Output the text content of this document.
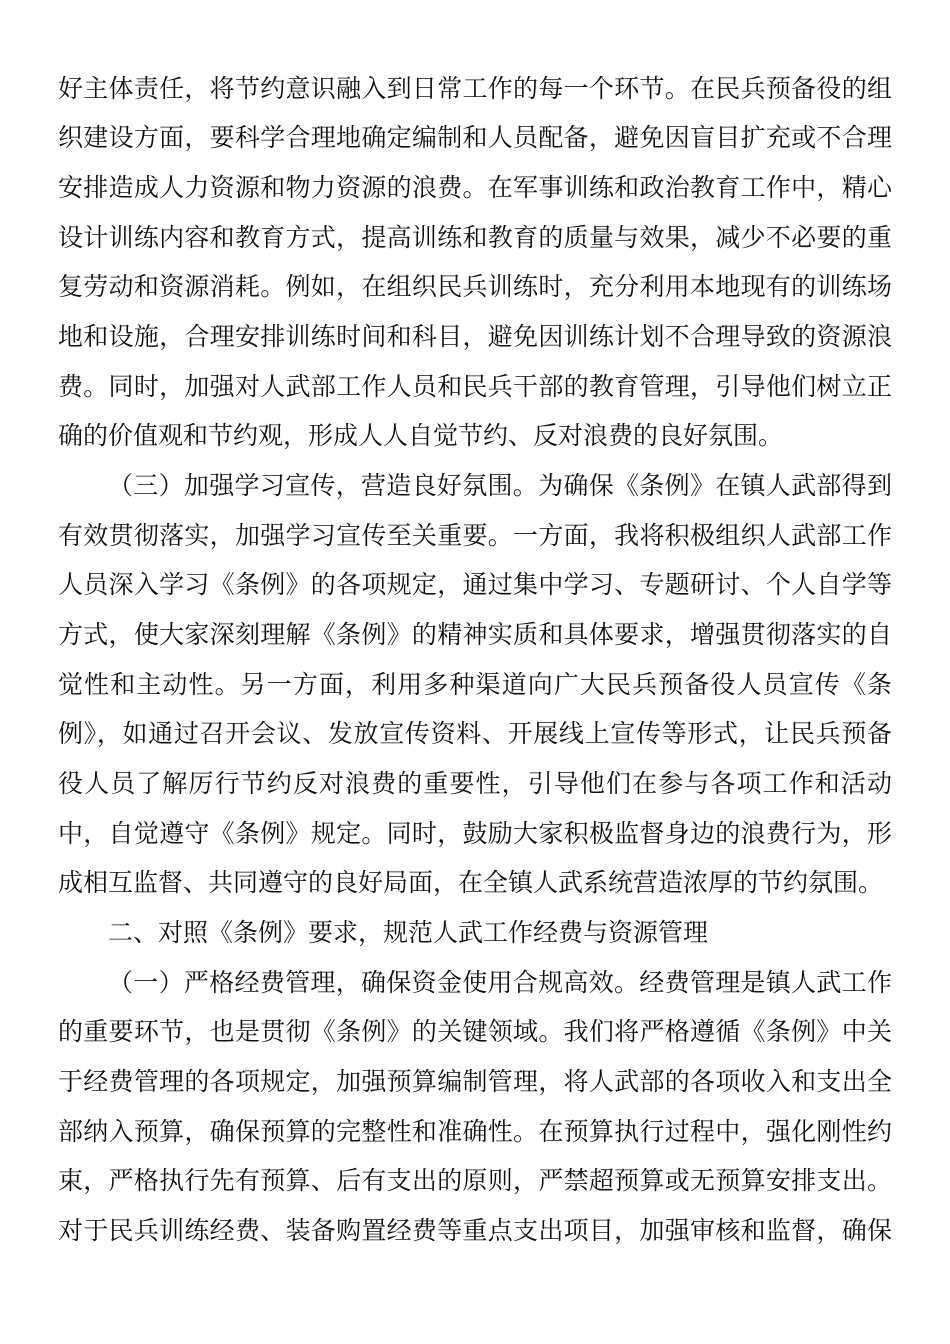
好主体责任，将节约意识融入到日常工作的每一个环节。在民兵预备役的组
织建设方面，要科学合理地确定编制和人员配备，避免因盲目扩充或不合理
安排造成人力资源和物力资源的浪费。在军事训练和政治教育工作中，精心
设计训练内容和教育方式，提高训练和教育的质量与效果，减少不必要的重
复劳动和资源消耗。例如，在组织民兵训练时，充分利用本地现有的训练场
地和设施，合理安排训练时间和科目，避免因训练计划不合理导致的资源浪
费。同时，加强对人武部工作人员和民兵干部的教育管理，引导他们树立正
确的价值观和节约观，形成人人自觉节约、反对浪费的良好氛围。
（三）加强学习宣传，营造良好氛围。为确保《条例》在镇人武部得到
有效贯彻落实，加强学习宣传至关重要。一方面，我将积极组织人武部工作
人员深入学习《条例》的各项规定，通过集中学习、专题研讨、个人自学等
方式，使大家深刻理解《条例》的精神实质和具体要求，增强贯彻落实的自
觉性和主动性。另一方面，利用多种渠道向广大民兵预备役人员宣传《条
例》，如通过召开会议、发放宣传资料、开展线上宣传等形式，让民兵预备
役人员了解厉行节约反对浪费的重要性，引导他们在参与各项工作和活动
中，自觉遵守《条例》规定。同时，鼓励大家积极监督身边的浪费行为，形
成相互监督、共同遵守的良好局面，在全镇人武系统营造浓厚的节约氛围。
二、对照《条例》要求，规范人武工作经费与资源管理
（一）严格经费管理，确保资金使用合规高效。经费管理是镇人武工作
的重要环节，也是贯彻《条例》的关键领域。我们将严格遵循《条例》中关
于经费管理的各项规定，加强预算编制管理，将人武部的各项收入和支出全
部纳入预算，确保预算的完整性和准确性。在预算执行过程中，强化刚性约
束，严格执行先有预算、后有支出的原则，严禁超预算或无预算安排支出。
对于民兵训练经费、装备购置经费等重点支出项目，加强审核和监督，确保
